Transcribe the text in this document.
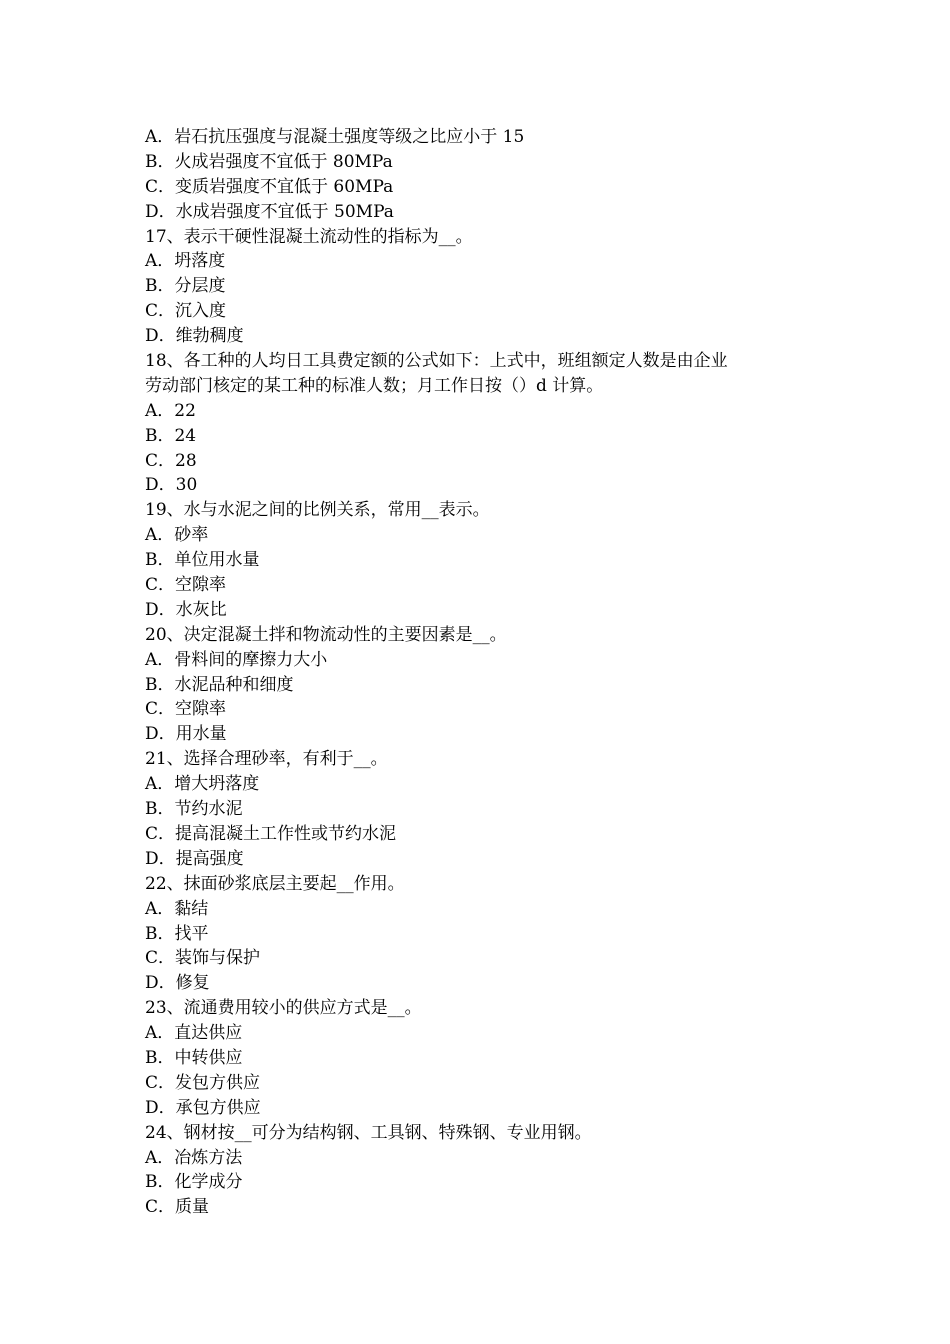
A．岩石抗压强度与混凝土强度等级之比应小于 15
B．火成岩强度不宜低于 80MPa
C．变质岩强度不宜低于 60MPa
D．水成岩强度不宜低于 50MPa
17、表示干硬性混凝土流动性的指标为__。
A．坍落度
B．分层度
C．沉入度
D．维勃稠度
18、各工种的人均日工具费定额的公式如下：上式中，班组额定人数是由企业
劳动部门核定的某工种的标准人数；月工作日按（）d 计算。
A．22
B．24
C．28
D．30
19、水与水泥之间的比例关系，常用__表示。
A．砂率
B．单位用水量
C．空隙率
D．水灰比
20、决定混凝土拌和物流动性的主要因素是__。
A．骨料间的摩擦力大小
B．水泥品种和细度
C．空隙率
D．用水量
21、选择合理砂率，有利于__。
A．增大坍落度
B．节约水泥
C．提高混凝土工作性或节约水泥
D．提高强度
22、抹面砂浆底层主要起__作用。
A．黏结
B．找平
C．装饰与保护
D．修复
23、流通费用较小的供应方式是__。
A．直达供应
B．中转供应
C．发包方供应
D．承包方供应
24、钢材按__可分为结构钢、工具钢、特殊钢、专业用钢。
A．冶炼方法
B．化学成分
C．质量
